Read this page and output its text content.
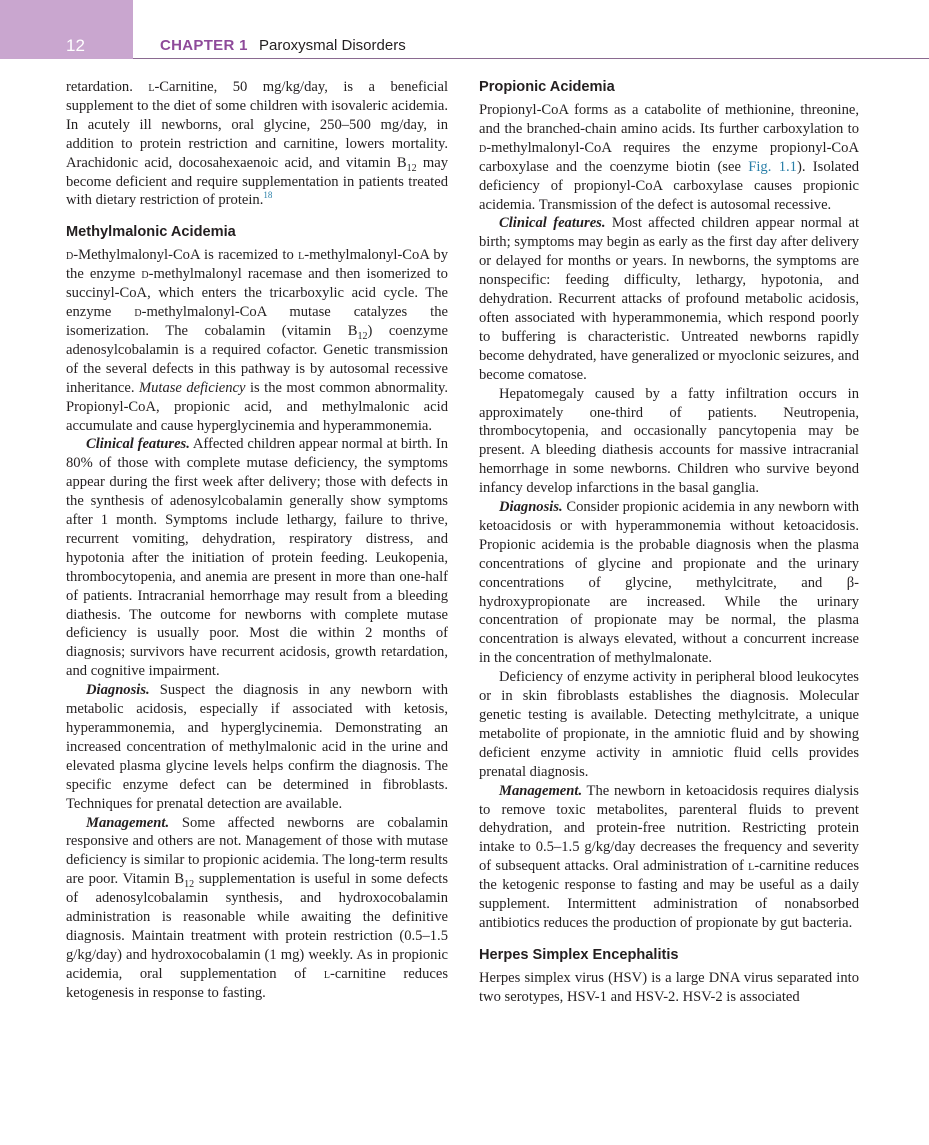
12	CHAPTER 1 Paroxysmal Disorders

retardation. l-Carnitine, 50 mg/kg/day, is a beneficial supplement to the diet of some children with isovaleric acidemia. In acutely ill newborns, oral glycine, 250–500 mg/day, in addition to protein restriction and carnitine, lowers mortality. Arachidonic acid, docosahexaenoic acid, and vitamin $B_{12}$ may become deficient and require supplementation in patients treated with dietary restriction of protein.$^{18}$

Methylmalonic Acidemia

d-Methylmalonyl-CoA is racemized to l-methylmalonyl-CoA by the enzyme d-methylmalonyl racemase and then isomerized to succinyl-CoA, which enters the tricarboxylic acid cycle. The enzyme d-methylmalonyl-CoA mutase catalyzes the isomerization. The cobalamin (vitamin $B_{12}$) coenzyme adenosylcobalamin is a required cofactor. Genetic transmission of the several defects in this pathway is by autosomal recessive inheritance. Mutase deficiency is the most common abnormality. Propionyl-CoA, propionic acid, and methylmalonic acid accumulate and cause hyperglycinemia and hyperammonemia.

Clinical features. Affected children appear normal at birth. In 80% of those with complete mutase deficiency, the symptoms appear during the first week after delivery; those with defects in the synthesis of adenosylcobalamin generally show symptoms after 1 month. Symptoms include lethargy, failure to thrive, recurrent vomiting, dehydration, respiratory distress, and hypotonia after the initiation of protein feeding. Leukopenia, thrombocytopenia, and anemia are present in more than one-half of patients. Intracranial hemorrhage may result from a bleeding diathesis. The outcome for newborns with complete mutase deficiency is usually poor. Most die within 2 months of diagnosis; survivors have recurrent acidosis, growth retardation, and cognitive impairment.

Diagnosis. Suspect the diagnosis in any newborn with metabolic acidosis, especially if associated with ketosis, hyperammonemia, and hyperglycinemia. Demonstrating an increased concentration of methylmalonic acid in the urine and elevated plasma glycine levels helps confirm the diagnosis. The specific enzyme defect can be determined in fibroblasts. Techniques for prenatal detection are available.

Management. Some affected newborns are cobalamin responsive and others are not. Management of those with mutase deficiency is similar to propionic acidemia. The long-term results are poor. Vitamin $B_{12}$ supplementation is useful in some defects of adenosylcobalamin synthesis, and hydroxocobalamin administration is reasonable while awaiting the definitive diagnosis. Maintain treatment with protein restriction (0.5–1.5 g/kg/day) and hydroxocobalamin (1 mg) weekly. As in propionic acidemia, oral supplementation of l-carnitine reduces ketogenesis in response to fasting.

Propionic Acidemia

Propionyl-CoA forms as a catabolite of methionine, threonine, and the branched-chain amino acids. Its further carboxylation to d-methylmalonyl-CoA requires the enzyme propionyl-CoA carboxylase and the coenzyme biotin (see Fig. 1.1). Isolated deficiency of propionyl-CoA carboxylase causes propionic acidemia. Transmission of the defect is autosomal recessive.

Clinical features. Most affected children appear normal at birth; symptoms may begin as early as the first day after delivery or delayed for months or years. In newborns, the symptoms are nonspecific: feeding difficulty, lethargy, hypotonia, and dehydration. Recurrent attacks of profound metabolic acidosis, often associated with hyperammonemia, which respond poorly to buffering is characteristic. Untreated newborns rapidly become dehydrated, have generalized or myoclonic seizures, and become comatose.

Hepatomegaly caused by a fatty infiltration occurs in approximately one-third of patients. Neutropenia, thrombocytopenia, and occasionally pancytopenia may be present. A bleeding diathesis accounts for massive intracranial hemorrhage in some newborns. Children who survive beyond infancy develop infarctions in the basal ganglia.

Diagnosis. Consider propionic acidemia in any newborn with ketoacidosis or with hyperammonemia without ketoacidosis. Propionic acidemia is the probable diagnosis when the plasma concentrations of glycine and propionate and the urinary concentrations of glycine, methylcitrate, and β-hydroxypropionate are increased. While the urinary concentration of propionate may be normal, the plasma concentration is always elevated, without a concurrent increase in the concentration of methylmalonate.

Deficiency of enzyme activity in peripheral blood leukocytes or in skin fibroblasts establishes the diagnosis. Molecular genetic testing is available. Detecting methylcitrate, a unique metabolite of propionate, in the amniotic fluid and by showing deficient enzyme activity in amniotic fluid cells provides prenatal diagnosis.

Management. The newborn in ketoacidosis requires dialysis to remove toxic metabolites, parenteral fluids to prevent dehydration, and protein-free nutrition. Restricting protein intake to 0.5–1.5 g/kg/day decreases the frequency and severity of subsequent attacks. Oral administration of l-carnitine reduces the ketogenic response to fasting and may be useful as a daily supplement. Intermittent administration of nonabsorbed antibiotics reduces the production of propionate by gut bacteria.

Herpes Simplex Encephalitis

Herpes simplex virus (HSV) is a large DNA virus separated into two serotypes, HSV-1 and HSV-2. HSV-2 is associated
